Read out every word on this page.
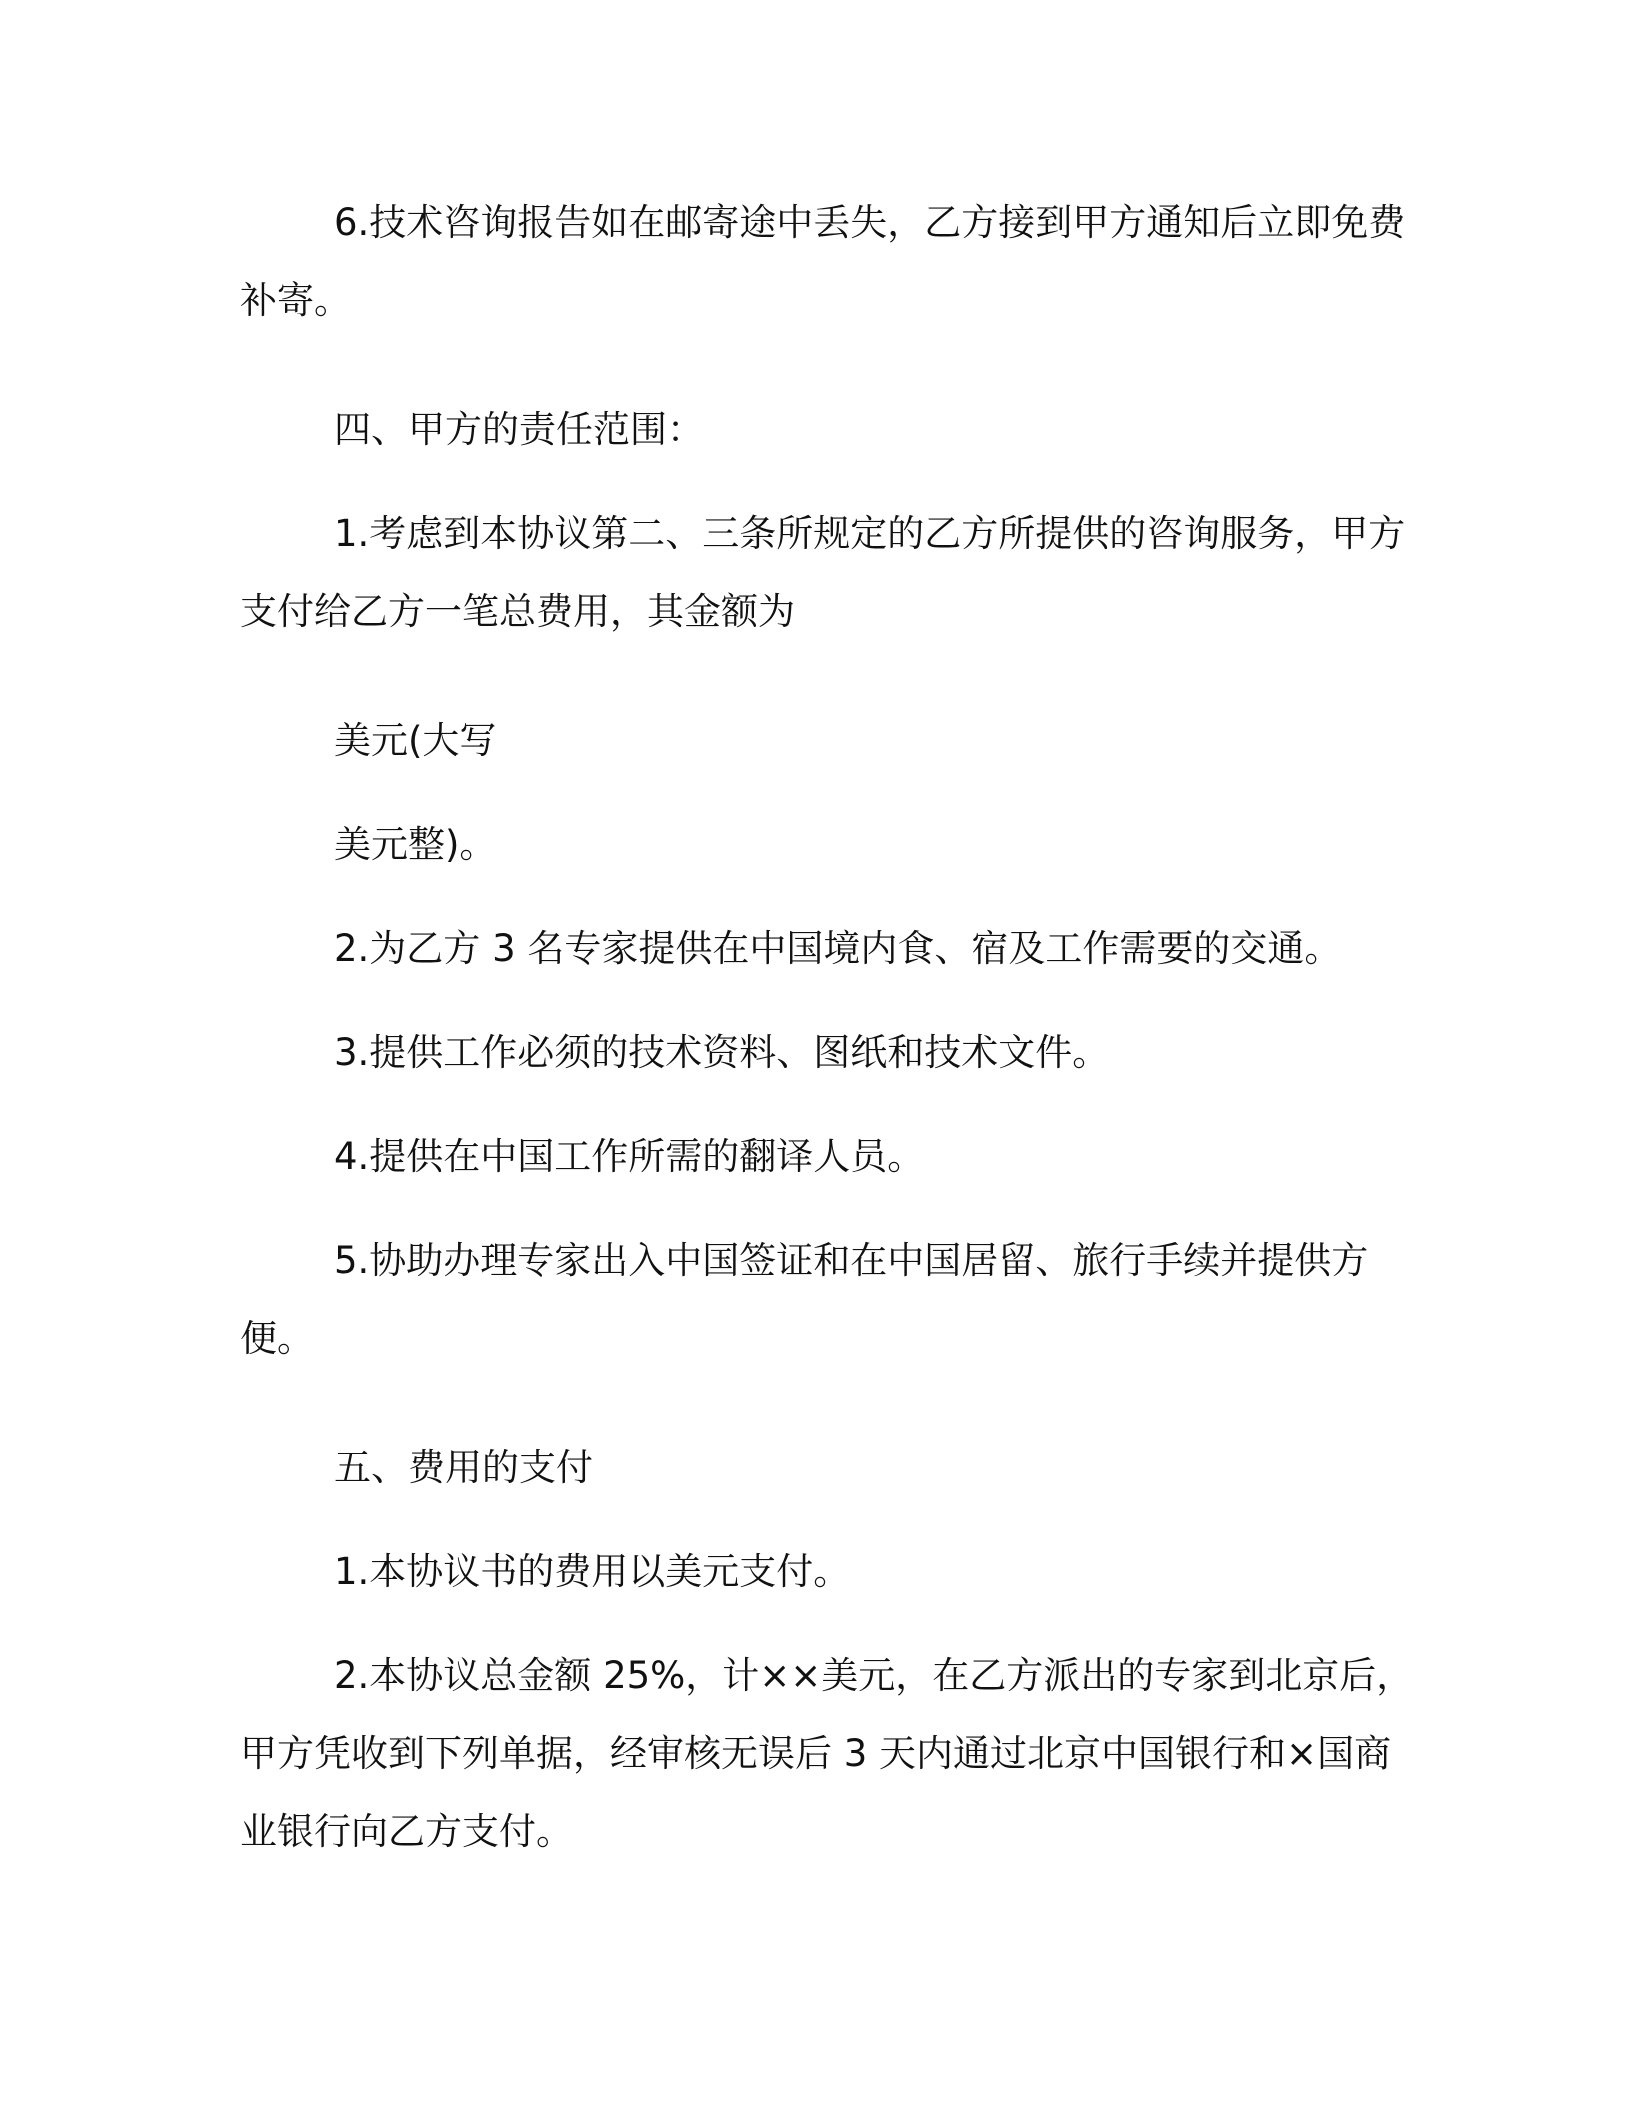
6.技术咨询报告如在邮寄途中丢失，乙方接到甲方通知后立即免费补寄。

四、甲方的责任范围：

1.考虑到本协议第二、三条所规定的乙方所提供的咨询服务，甲方支付给乙方一笔总费用，其金额为

美元(大写

美元整)。

2.为乙方 3 名专家提供在中国境内食、宿及工作需要的交通。

3.提供工作必须的技术资料、图纸和技术文件。

4.提供在中国工作所需的翻译人员。

5.协助办理专家出入中国签证和在中国居留、旅行手续并提供方便。

五、费用的支付

1.本协议书的费用以美元支付。

2.本协议总金额 25%，计××美元，在乙方派出的专家到北京后，甲方凭收到下列单据，经审核无误后 3 天内通过北京中国银行和×国商业银行向乙方支付。
